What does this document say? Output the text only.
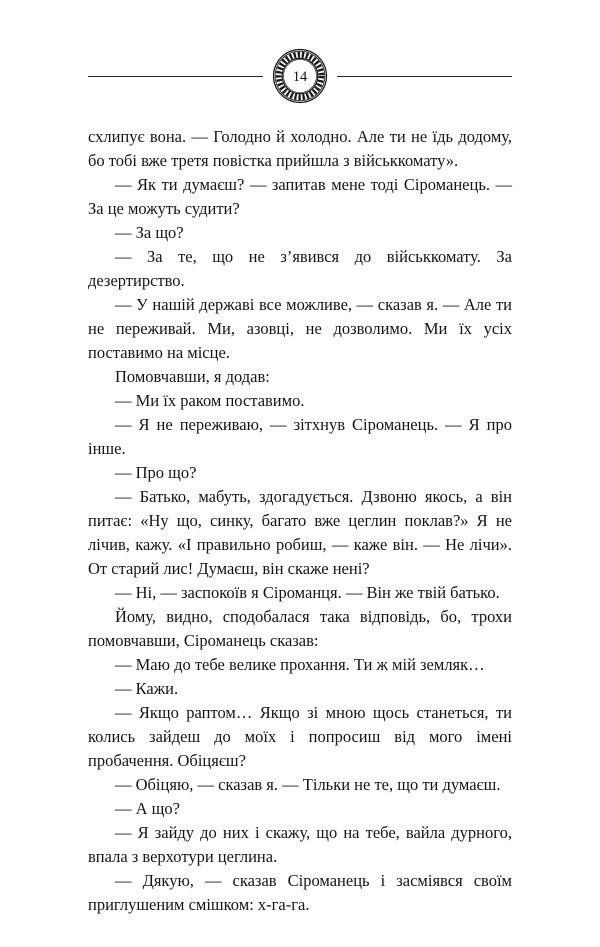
14

схлипує вона. — Голодно й холодно. Але ти не їдь додому, бо тобі вже третя повістка прийшла з військкомату».

— Як ти думаєш? — запитав мене тоді Сіроманець. — За це можуть судити?

— За що?

— За те, що не з’явився до військкомату. За дезертирство.

— У нашій державі все можливе, — сказав я. — Але ти не переживай. Ми, азовці, не дозволимо. Ми їх усіх поставимо на місце.

Помовчавши, я додав:

— Ми їх раком поставимо.

— Я не переживаю, — зітхнув Сіроманець. — Я про інше.

— Про що?

— Батько, мабуть, здогадується. Дзвоню якось, а він питає: «Ну що, синку, багато вже цеглин поклав?» Я не лічив, кажу. «І правильно робиш, — каже він. — Не лічи». От старий лис! Думаєш, він скаже нені?

— Ні, — заспокоїв я Сіроманця. — Він же твій батько.

Йому, видно, сподобалася така відповідь, бо, трохи помовчавши, Сіроманець сказав:

— Маю до тебе велике прохання. Ти ж мій земляк…

— Кажи.

— Якщо раптом… Якщо зі мною щось станеться, ти колись зайдеш до моїх і попросиш від мого імені пробачення. Обіцяєш?

— Обіцяю, — сказав я. — Тільки не те, що ти думаєш.

— А що?

— Я зайду до них і скажу, що на тебе, вайла дурного, впала з верхотури цеглина.

— Дякую, — сказав Сіроманець і засміявся своїм приглушеним смішком: х-га-га.
